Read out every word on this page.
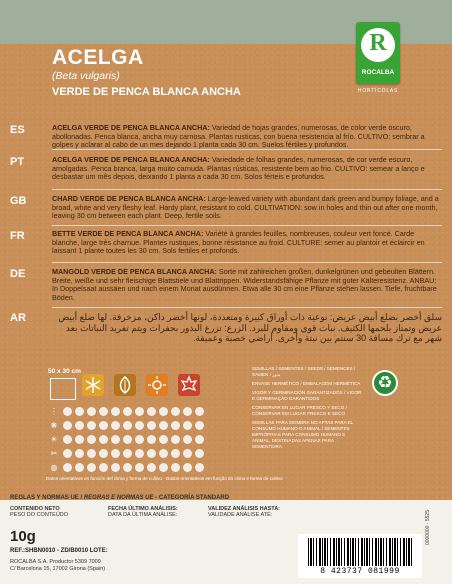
ACELGA
(Beta vulgaris)
VERDE DE PENCA BLANCA ANCHA
R
ROCALBA
HORTÍCOLAS
ES	ACELGA VERDE DE PENCA BLANCA ANCHA: Variedad de hojas grandes, numerosas, de color verde oscuro, abollonadas. Penca blanca, ancha muy carnosa. Plantas rusticas, con buena resistencia al frío. CULTIVO: sembrar a golpes y aclarar al cabo de un mes dejando 1 planta cada 30 cm. Suelos fértiles y profundos.
PT	ACELGA VERDE DE PENCA BLANCA ANCHA: Variedade de folhas grandes, numerosas, de cor verde escuro, amolgadas. Penca branca, larga muito carnuda. Plantas rústicas, resistente bem ao frio. CULTIVO: semear a lanço e desbastar um mês depois, deixando 1 planta a cada 30 cm. Solos férteis e profundos.
GB	CHARD VERDE DE PENCA BLANCA ANCHA: Large-leaved variety with abundant dark green and bumpy foliage, and a broad, white and very fleshy leaf. Hardy plant, resistant to cold. CULTIVATION: sow in holes and thin out after one month, leaving 30 cm between each plant. Deep, fertile soils.
FR	BETTE VERDE DE PENCA BLANCA ANCHA: Variété à grandes feuilles, nombreuses, couleur vert foncé. Carde blanche, large très charnue. Plantes rustiques, bonne résistance au froid. CULTURE: semer au plantoir et éclaircir en laissant 1 plante toutes les 30 cm. Sols fertiles et profonds.
DE	MANGOLD VERDE DE PENCA BLANCA ANCHA: Sorte mit zahlreichen großen, dunkelgrünen und gebeulten Blättern. Breite, weiße und sehr fleischige Blattstiele und Blattrippen. Widerstandsfähige Pflanze mit guter Kälteresistenz. ANBAU: In Doppelsaat aussäen und nach einem Monat ausdünnen. Etwa alle 30 cm eine Pflanze stehen lassen. Tiefe, fruchtbare Böden.
AR	سلق أخضر بضلع أبيض عريض: نوعية ذات أوراق كبيرة ومتعددة، لونها أخضر داكن، مزخرفة. لها ضلع أبيض عريض وتمتاز بلحمها الكثيف. نبات قوي ومقاوم للبرد. الزرع: تزرع البذور بحفرات ويتم تفريد النباتات بعد شهر مع ترك مسافة 30 سنتم بين نبتة وأخرى. أراضي خصبة وعميقة.
50 x 30 cm
⋮
❋
☀
✂
◍
SEMILLAS / SEMENTES / SEEDS / SEMENCES / SAMEN / بذور
ENVASE HERMÉTICO / EMBALAGEM HERMÉTICA
VIGOR Y GERMINACIÓN GARANTIZADOS / VIGOR E GERMINAÇÃO GARANTIDOS
CONSERVAR EN LUGAR FRESCO Y SECO / CONSERVAR EM LUGAR FRESCO E SECO
SEMILLAS PARA SIEMBRA NO APTAS PARA EL CONSUMO HUMANO O ANIMAL / SEMENTES IMPRÓPRIAS PARA CONSUMO HUMANO E ANIMAL, DESTINADAS APENAS PARA SEMENTEIRA
♻
Datos orientativos en función del clima y forma de cultivo · Dados orientativos em função do clima e forma de cultivo
REGLAS Y NORMAS UE / REGRAS E NORMAS UE - CATEGORÍA STANDARD
CONTENIDO NETO
PESO DO CONTEÚDO
FECHA ÚLTIMO ANÁLISIS:
DATA DA ÚLTIMA ANÁLISE:
VALIDEZ ANÁLISIS HASTA:
VALIDADE ANÁLISE ATÉ:
10g
REF.:SHBN0010 - ZD/B0010 LOTE:
ROCALBA S.A. Productor 5309 7009
C/ Barcelona 15, 17002 Girona (Spain)	8 423737 081999
0000000 · 5525
